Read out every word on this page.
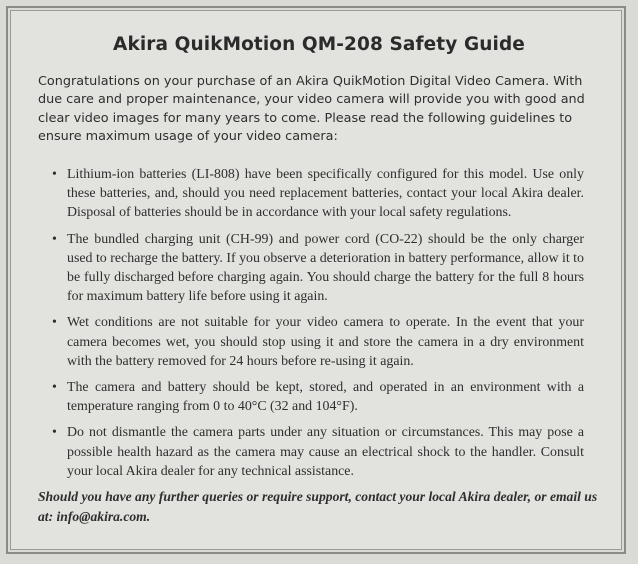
Akira QuikMotion QM-208 Safety Guide

Congratulations on your purchase of an Akira QuikMotion Digital Video Camera. With due care and proper maintenance, your video camera will provide you with good and clear video images for many years to come. Please read the following guidelines to ensure maximum usage of your video camera:

• Lithium-ion batteries (LI-808) have been specifically configured for this model. Use only these batteries, and, should you need replacement batteries, contact your local Akira dealer. Disposal of batteries should be in accordance with your local safety regulations.
• The bundled charging unit (CH-99) and power cord (CO-22) should be the only charger used to recharge the battery. If you observe a deterioration in battery performance, allow it to be fully discharged before charging again. You should charge the battery for the full 8 hours for maximum battery life before using it again.
• Wet conditions are not suitable for your video camera to operate. In the event that your camera becomes wet, you should stop using it and store the camera in a dry environment with the battery removed for 24 hours before re-using it again.
• The camera and battery should be kept, stored, and operated in an environment with a temperature ranging from 0 to 40°C (32 and 104°F).
• Do not dismantle the camera parts under any situation or circumstances. This may pose a possible health hazard as the camera may cause an electrical shock to the handler. Consult your local Akira dealer for any technical assistance.

Should you have any further queries or require support, contact your local Akira dealer, or email us at: info@akira.com.
